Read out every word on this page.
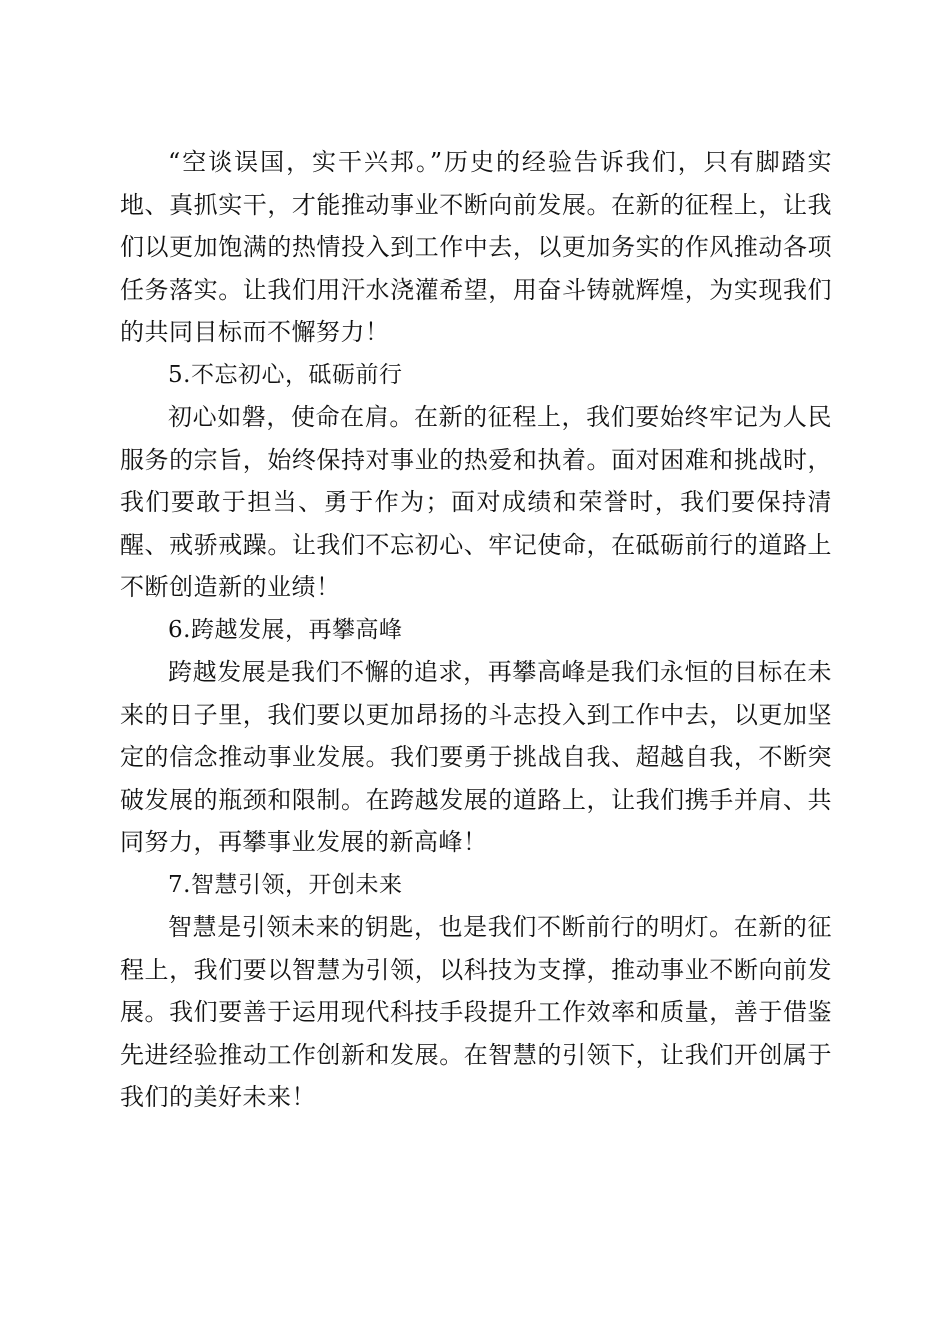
“空谈误国，实干兴邦。”历史的经验告诉我们，只有脚踏实地、真抓实干，才能推动事业不断向前发展。在新的征程上，让我们以更加饱满的热情投入到工作中去，以更加务实的作风推动各项任务落实。让我们用汗水浇灌希望，用奋斗铸就辉煌，为实现我们的共同目标而不懈努力！

5.不忘初心，砥砺前行

初心如磐，使命在肩。在新的征程上，我们要始终牢记为人民服务的宗旨，始终保持对事业的热爱和执着。面对困难和挑战时，我们要敢于担当、勇于作为；面对成绩和荣誉时，我们要保持清醒、戒骄戒躁。让我们不忘初心、牢记使命，在砥砺前行的道路上不断创造新的业绩！

6.跨越发展，再攀高峰

跨越发展是我们不懈的追求，再攀高峰是我们永恒的目标在未来的日子里，我们要以更加昂扬的斗志投入到工作中去，以更加坚定的信念推动事业发展。我们要勇于挑战自我、超越自我，不断突破发展的瓶颈和限制。在跨越发展的道路上，让我们携手并肩、共同努力，再攀事业发展的新高峰！

7.智慧引领，开创未来

智慧是引领未来的钥匙，也是我们不断前行的明灯。在新的征程上，我们要以智慧为引领，以科技为支撑，推动事业不断向前发展。我们要善于运用现代科技手段提升工作效率和质量，善于借鉴先进经验推动工作创新和发展。在智慧的引领下，让我们开创属于我们的美好未来！
